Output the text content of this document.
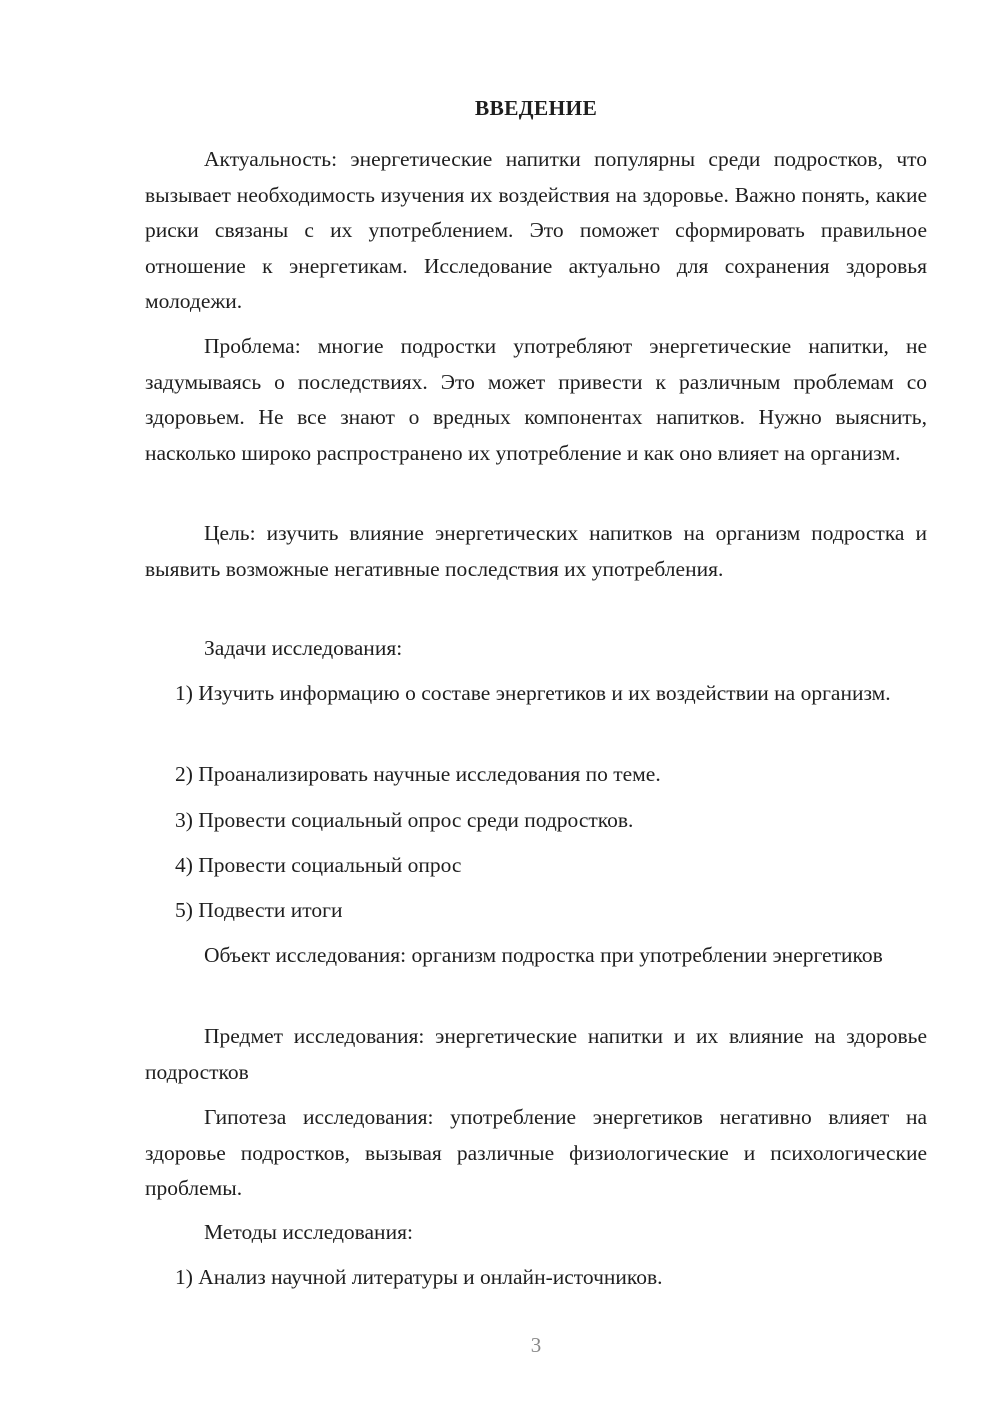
ВВЕДЕНИЕ
Актуальность: энергетические напитки популярны среди подростков, что вызывает необходимость изучения их воздействия на здоровье. Важно понять, какие риски связаны с их употреблением. Это поможет сформировать правильное отношение к энергетикам. Исследование актуально для сохранения здоровья молодежи.
Проблема: многие подростки употребляют энергетические напитки, не задумываясь о последствиях. Это может привести к различным проблемам со здоровьем. Не все знают о вредных компонентах напитков. Нужно выяснить, насколько широко распространено их употребление и как оно влияет на организм.
Цель: изучить влияние энергетических напитков на организм подростка и выявить возможные негативные последствия их употребления.
Задачи исследования:
1) Изучить информацию о составе энергетиков и их воздействии на организм.
2) Проанализировать научные исследования по теме.
3) Провести социальный опрос среди подростков.
4) Провести социальный опрос
5) Подвести итоги
Объект исследования: организм подростка при употреблении энергетиков
Предмет исследования: энергетические напитки и их влияние на здоровье подростков
Гипотеза исследования: употребление энергетиков негативно влияет на здоровье подростков, вызывая различные физиологические и психологические проблемы.
Методы исследования:
1) Анализ научной литературы и онлайн-источников.
3
